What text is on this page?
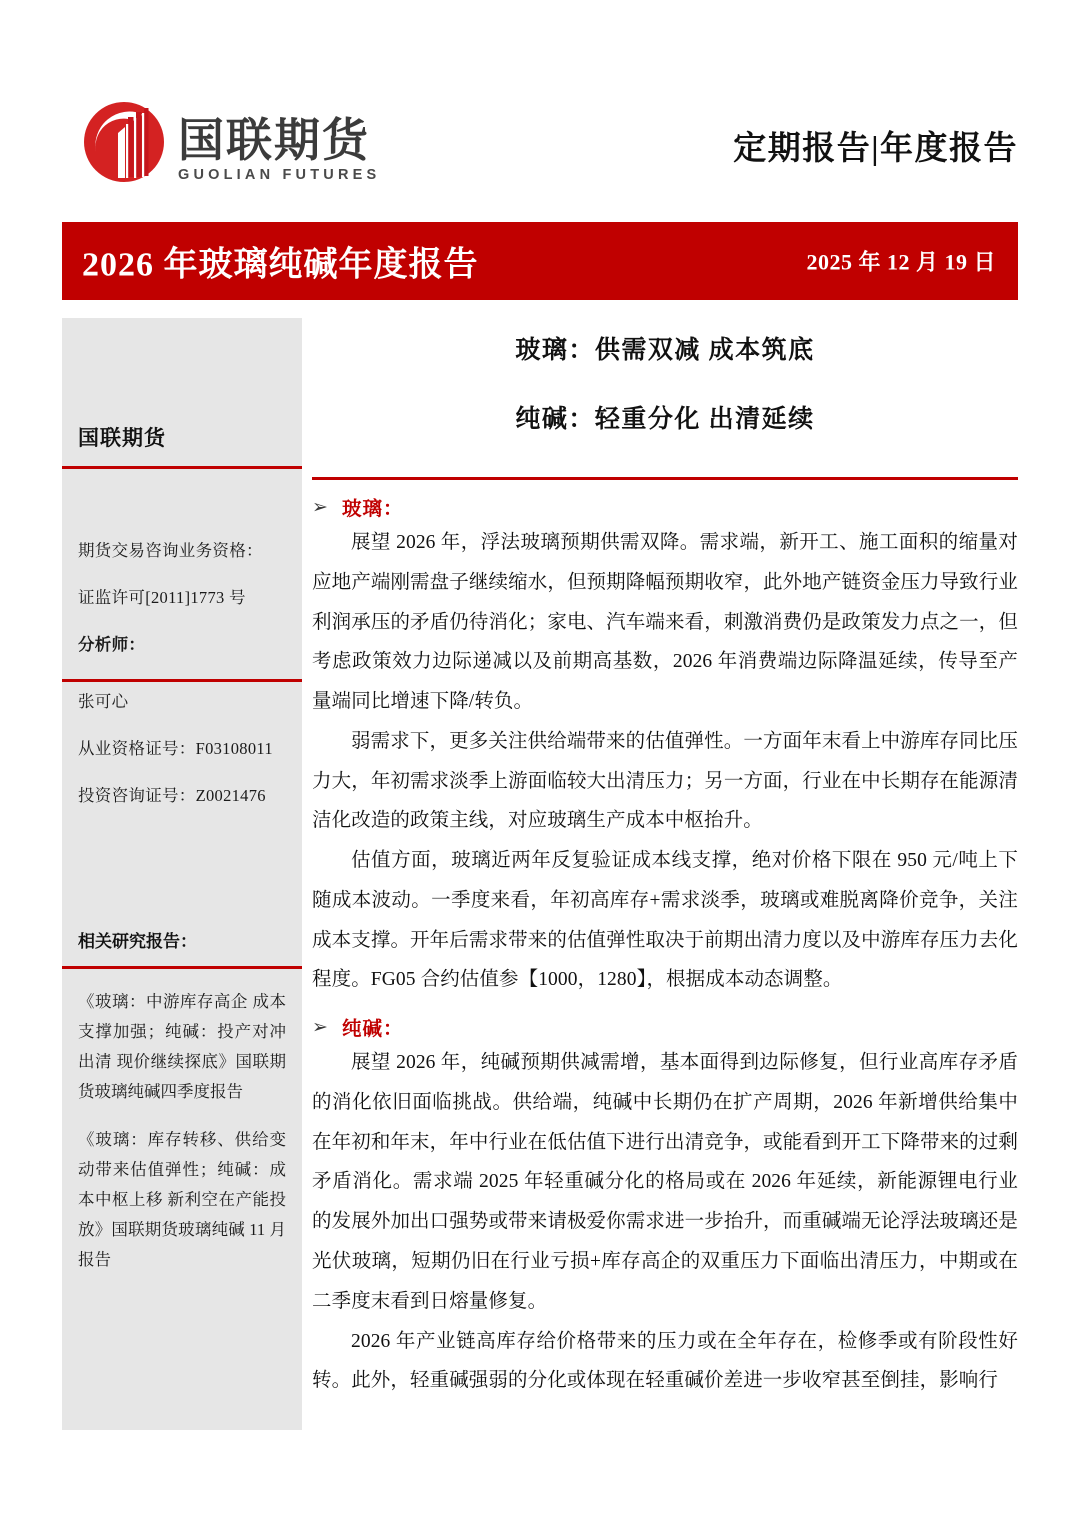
国联期货
GUOLIAN FUTURES
定期报告|年度报告
2026 年玻璃纯碱年度报告	2025 年 12 月 19 日
国联期货
期货交易咨询业务资格：
证监许可[2011]1773 号
分析师：
张可心
从业资格证号：F03108011
投资咨询证号：Z0021476
相关研究报告：
《玻璃：中游库存高企 成本支撑加强；纯碱：投产对冲出清 现价继续探底》国联期货玻璃纯碱四季度报告
《玻璃：库存转移、供给变动带来估值弹性；纯碱：成本中枢上移 新利空在产能投放》国联期货玻璃纯碱 11 月报告
玻璃：供需双减 成本筑底
纯碱：轻重分化 出清延续
➢ 玻璃：

展望 2026 年，浮法玻璃预期供需双降。需求端，新开工、施工面积的缩量对应地产端刚需盘子继续缩水，但预期降幅预期收窄，此外地产链资金压力导致行业利润承压的矛盾仍待消化；家电、汽车端来看，刺激消费仍是政策发力点之一，但考虑政策效力边际递减以及前期高基数，2026 年消费端边际降温延续，传导至产量端同比增速下降/转负。

弱需求下，更多关注供给端带来的估值弹性。一方面年末看上中游库存同比压力大，年初需求淡季上游面临较大出清压力；另一方面，行业在中长期存在能源清洁化改造的政策主线，对应玻璃生产成本中枢抬升。

估值方面，玻璃近两年反复验证成本线支撑，绝对价格下限在 950 元/吨上下随成本波动。一季度来看，年初高库存+需求淡季，玻璃或难脱离降价竞争，关注成本支撑。开年后需求带来的估值弹性取决于前期出清力度以及中游库存压力去化程度。FG05 合约估值参【1000，1280】，根据成本动态调整。

➢ 纯碱：

展望 2026 年，纯碱预期供减需增，基本面得到边际修复，但行业高库存矛盾的消化依旧面临挑战。供给端，纯碱中长期仍在扩产周期，2026 年新增供给集中在年初和年末，年中行业在低估值下进行出清竞争，或能看到开工下降带来的过剩矛盾消化。需求端 2025 年轻重碱分化的格局或在 2026 年延续，新能源锂电行业的发展外加出口强势或带来请极爱你需求进一步抬升，而重碱端无论浮法玻璃还是光伏玻璃，短期仍旧在行业亏损+库存高企的双重压力下面临出清压力，中期或在二季度末看到日熔量修复。

2026 年产业链高库存给价格带来的压力或在全年存在，检修季或有阶段性好转。此外，轻重碱强弱的分化或体现在轻重碱价差进一步收窄甚至倒挂，影响行
